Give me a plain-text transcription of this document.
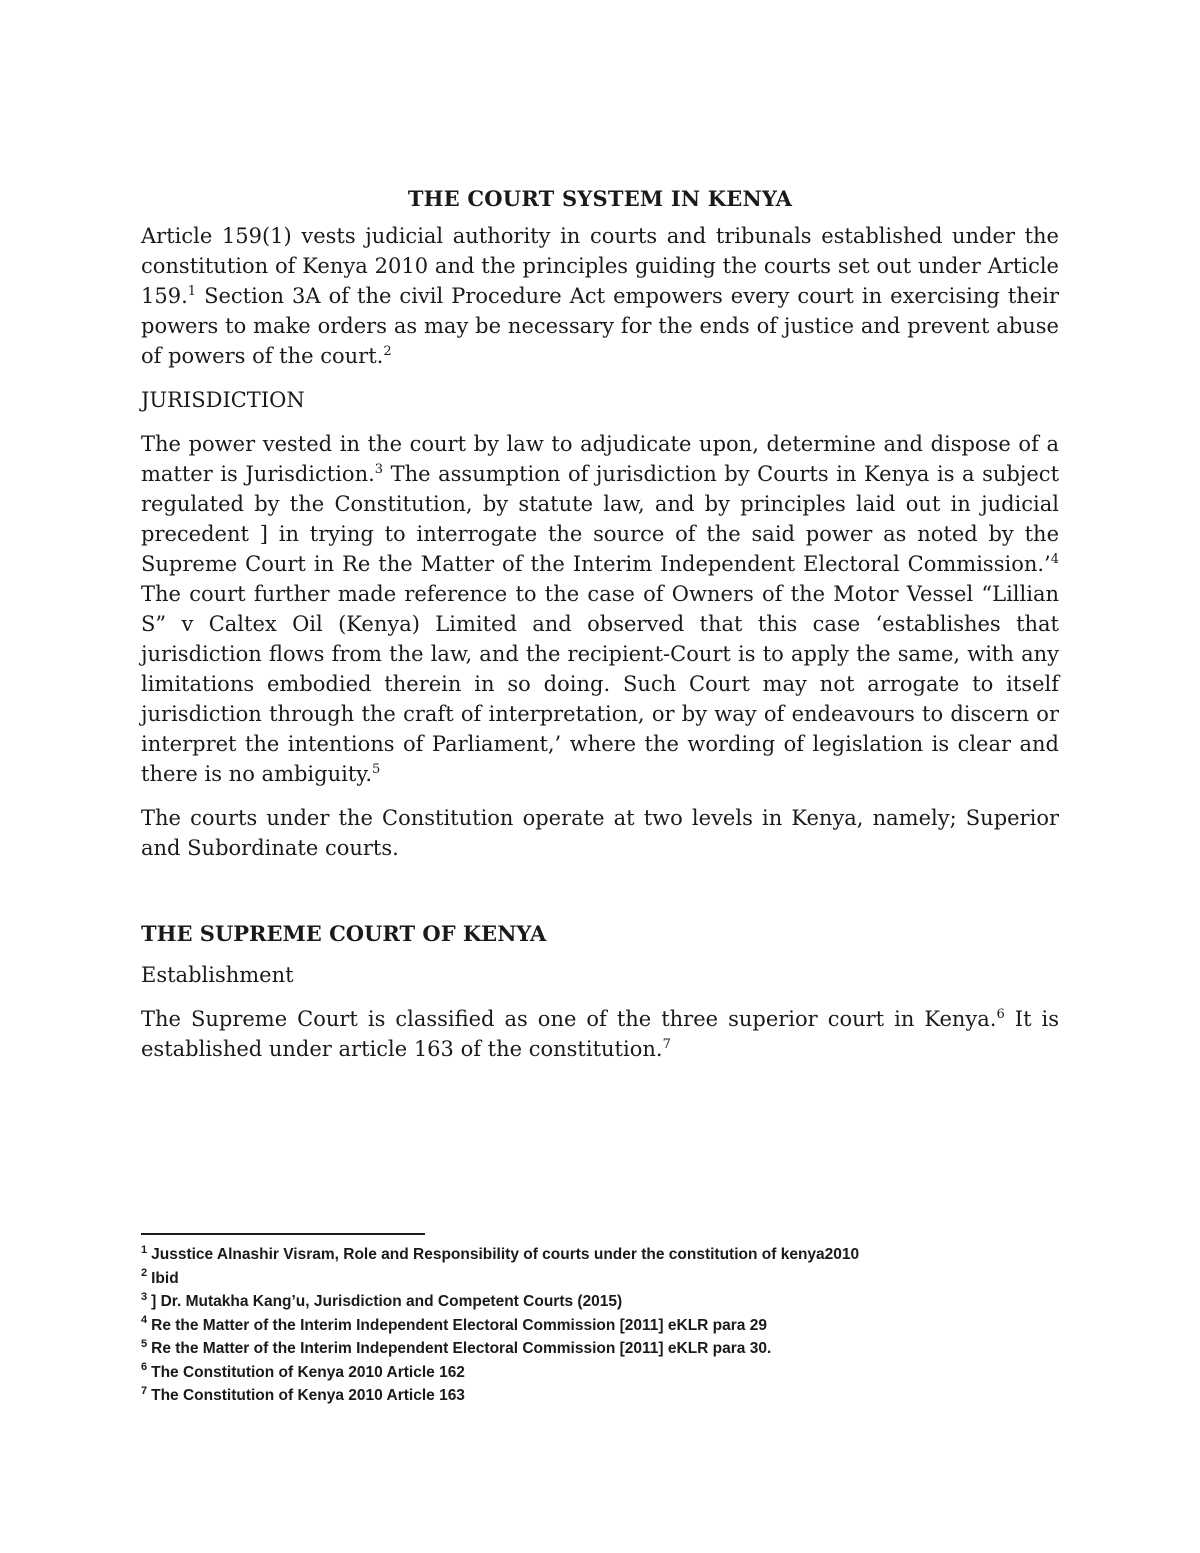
THE COURT SYSTEM IN KENYA

Article 159(1) vests judicial authority in courts and tribunals established under the constitution of Kenya 2010 and the principles guiding the courts set out under Article 159.$^1$ Section 3A of the civil Procedure Act empowers every court in exercising their powers to make orders as may be necessary for the ends of justice and prevent abuse of powers of the court.$^2$

JURISDICTION

The power vested in the court by law to adjudicate upon, determine and dispose of a matter is Jurisdiction.$^3$ The assumption of jurisdiction by Courts in Kenya is a subject regulated by the Constitution, by statute law, and by principles laid out in judicial precedent ] in trying to interrogate the source of the said power as noted by the Supreme Court in Re the Matter of the Interim Independent Electoral Commission.’$^4$ The court further made reference to the case of Owners of the Motor Vessel “Lillian S” v Caltex Oil (Kenya) Limited and observed that this case ‘establishes that jurisdiction flows from the law, and the recipient-Court is to apply the same, with any limitations embodied therein in so doing. Such Court may not arrogate to itself jurisdiction through the craft of interpretation, or by way of endeavours to discern or interpret the intentions of Parliament,’ where the wording of legislation is clear and there is no ambiguity.$^5$

The courts under the Constitution operate at two levels in Kenya, namely; Superior and Subordinate courts.

THE SUPREME COURT OF KENYA

Establishment

The Supreme Court is classified as one of the three superior court in Kenya.$^6$ It is established under article 163 of the constitution.$^7$

$^1$ Jusstice Alnashir Visram, Role and Responsibility of courts under the constitution of kenya2010

$^2$ Ibid

$^3$ ] Dr. Mutakha Kang’u, Jurisdiction and Competent Courts (2015)

$^4$ Re the Matter of the Interim Independent Electoral Commission [2011] eKLR para 29

$^5$ Re the Matter of the Interim Independent Electoral Commission [2011] eKLR para 30.

$^6$ The Constitution of Kenya 2010 Article 162

$^7$ The Constitution of Kenya 2010 Article 163
